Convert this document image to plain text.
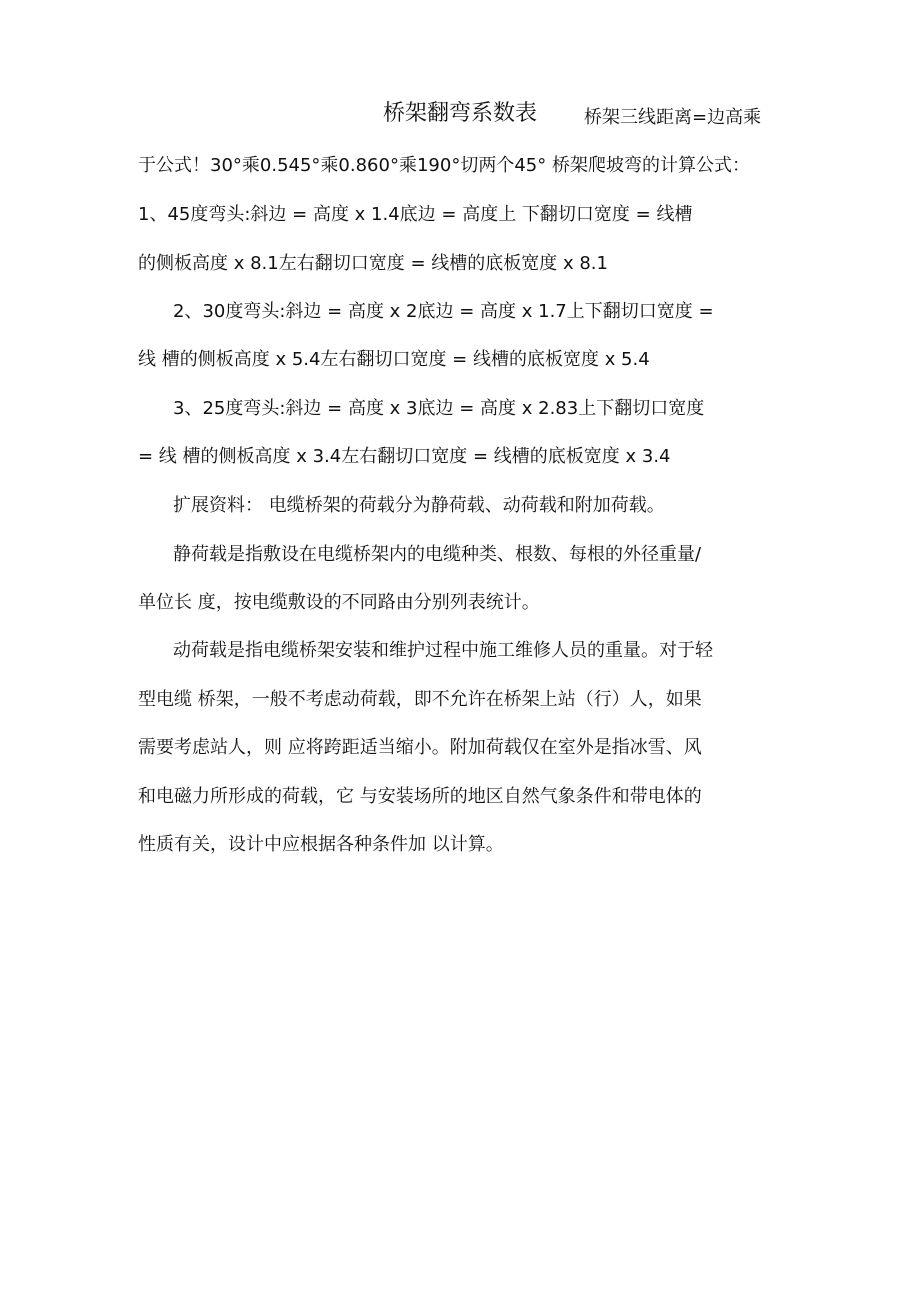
桥架翻弯系数表	桥架三线距离=边高乘
于公式！30°乘0.545°乘0.860°乘190°切两个45° 桥架爬坡弯的计算公式：
1、45度弯头:斜边 = 高度 x 1.4底边 = 高度上 下翻切口宽度 = 线槽
的侧板高度 x 8.1左右翻切口宽度 = 线槽的底板宽度 x 8.1
2、30度弯头:斜边 = 高度 x 2底边 = 高度 x 1.7上下翻切口宽度 =
线 槽的侧板高度 x 5.4左右翻切口宽度 = 线槽的底板宽度 x 5.4
3、25度弯头:斜边 = 高度 x 3底边 = 高度 x 2.83上下翻切口宽度
= 线 槽的侧板高度 x 3.4左右翻切口宽度 = 线槽的底板宽度 x 3.4
扩展资料： 电缆桥架的荷载分为静荷载、动荷载和附加荷载。
静荷载是指敷设在电缆桥架内的电缆种类、根数、每根的外径重量/
单位长 度，按电缆敷设的不同路由分别列表统计。
动荷载是指电缆桥架安装和维护过程中施工维修人员的重量。对于轻
型电缆 桥架，一般不考虑动荷载，即不允许在桥架上站（行）人，如果
需要考虑站人，则 应将跨距适当缩小。附加荷载仅在室外是指冰雪、风
和电磁力所形成的荷载，它 与安装场所的地区自然气象条件和带电体的
性质有关，设计中应根据各种条件加 以计算。
